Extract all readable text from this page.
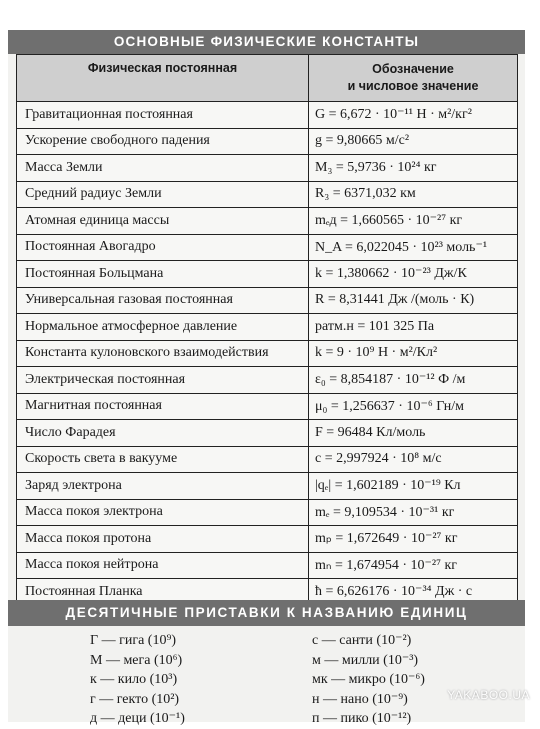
ОСНОВНЫЕ ФИЗИЧЕСКИЕ КОНСТАНТЫ
Физическая постоянная	Обозначение
и числовое значение
Гравитационная постоянная	G = 6,672 · 10⁻¹¹ Н · м²/кг²
Ускорение свободного падения	g = 9,80665 м/с²
Масса Земли	M₃ = 5,9736 · 10²⁴ кг
Средний радиус Земли	R₃ = 6371,032 км
Атомная единица массы	mₑд = 1,660565 · 10⁻²⁷ кг
Постоянная Авогадро	N_A = 6,022045 · 10²³ моль⁻¹
Постоянная Больцмана	k = 1,380662 · 10⁻²³ Дж/К
Универсальная газовая постоянная	R = 8,31441 Дж /(моль · К)
Нормальное атмосферное давление	pатм.н = 101 325 Па
Константа кулоновского взаимодействия	k = 9 · 10⁹ Н · м²/Кл²
Электрическая постоянная	ε₀ = 8,854187 · 10⁻¹² Ф /м
Магнитная постоянная	μ₀ = 1,256637 · 10⁻⁶ Гн/м
Число Фарадея	F = 96484 Кл/моль
Скорость света в вакууме	c = 2,997924 · 10⁸ м/с
Заряд электрона	|qₑ| = 1,602189 · 10⁻¹⁹ Кл
Масса покоя электрона	mₑ = 9,109534 · 10⁻³¹ кг
Масса покоя протона	mₚ = 1,672649 · 10⁻²⁷ кг
Масса покоя нейтрона	mₙ = 1,674954 · 10⁻²⁷ кг
Постоянная Планка	ħ = 6,626176 · 10⁻³⁴ Дж · с
ДЕСЯТИЧНЫЕ ПРИСТАВКИ К НАЗВАНИЮ ЕДИНИЦ
Г — гига (10⁹)
М — мега (10⁶)
к — кило (10³)
г — гекто (10²)
д — деци (10⁻¹)
с — санти (10⁻²)
м — милли (10⁻³)
мк — микро (10⁻⁶)
н — нано (10⁻⁹)
п — пико (10⁻¹²)
YAKABOO.UA
